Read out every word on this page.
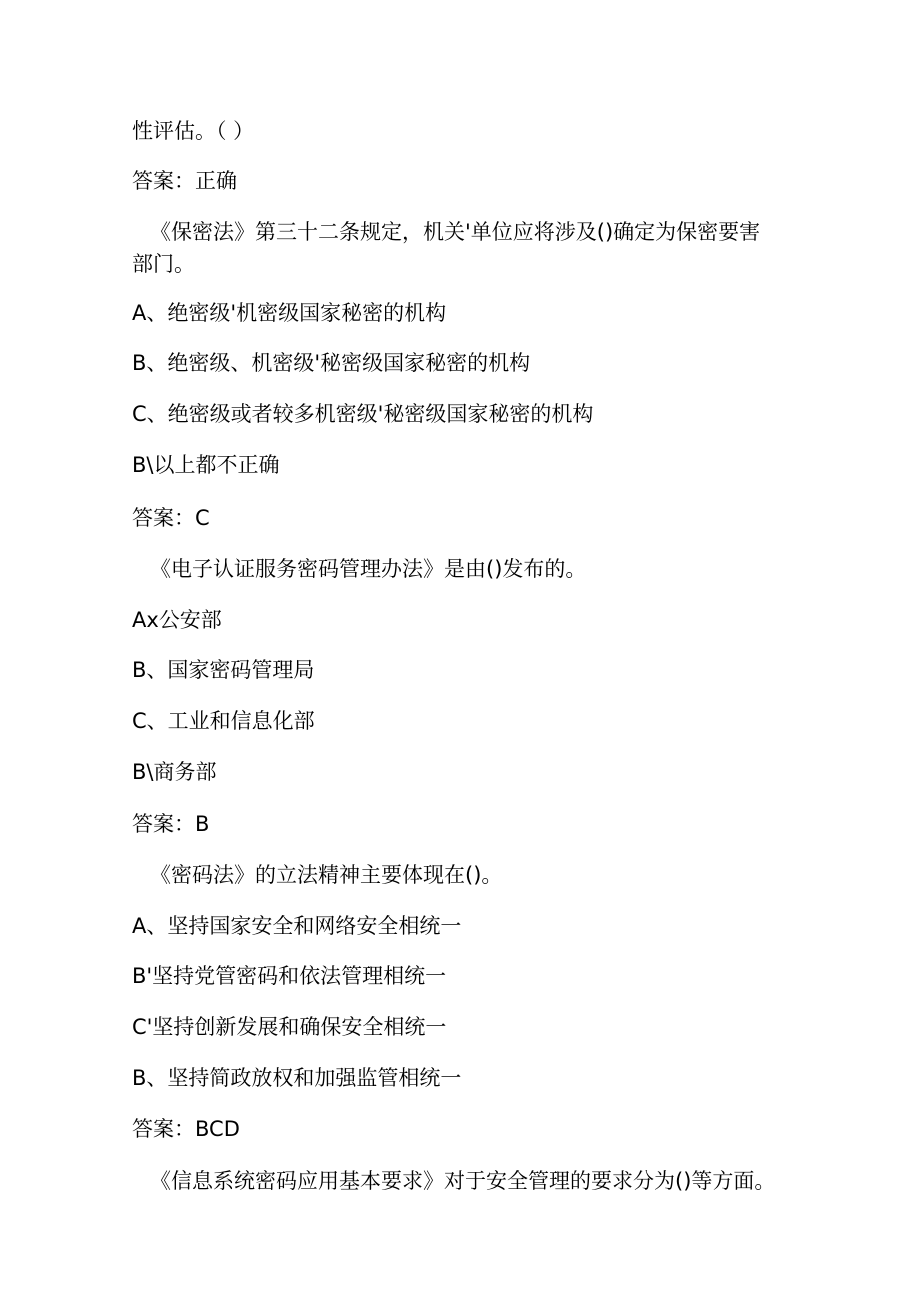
性评估。（ ）
答案：正确
《保密法》第三十二条规定，机关'单位应将涉及()确定为保密要害部门。
A、绝密级'机密级国家秘密的机构
B、绝密级、机密级'秘密级国家秘密的机构
C、绝密级或者较多机密级'秘密级国家秘密的机构
B\以上都不正确
答案：C
《电子认证服务密码管理办法》是由()发布的。
Ax公安部
B、国家密码管理局
C、工业和信息化部
B\商务部
答案：B
《密码法》的立法精神主要体现在()。
A、坚持国家安全和网络安全相统一
B'坚持党管密码和依法管理相统一
C'坚持创新发展和确保安全相统一
B、坚持简政放权和加强监管相统一
答案：BCD
《信息系统密码应用基本要求》对于安全管理的要求分为()等方面。
